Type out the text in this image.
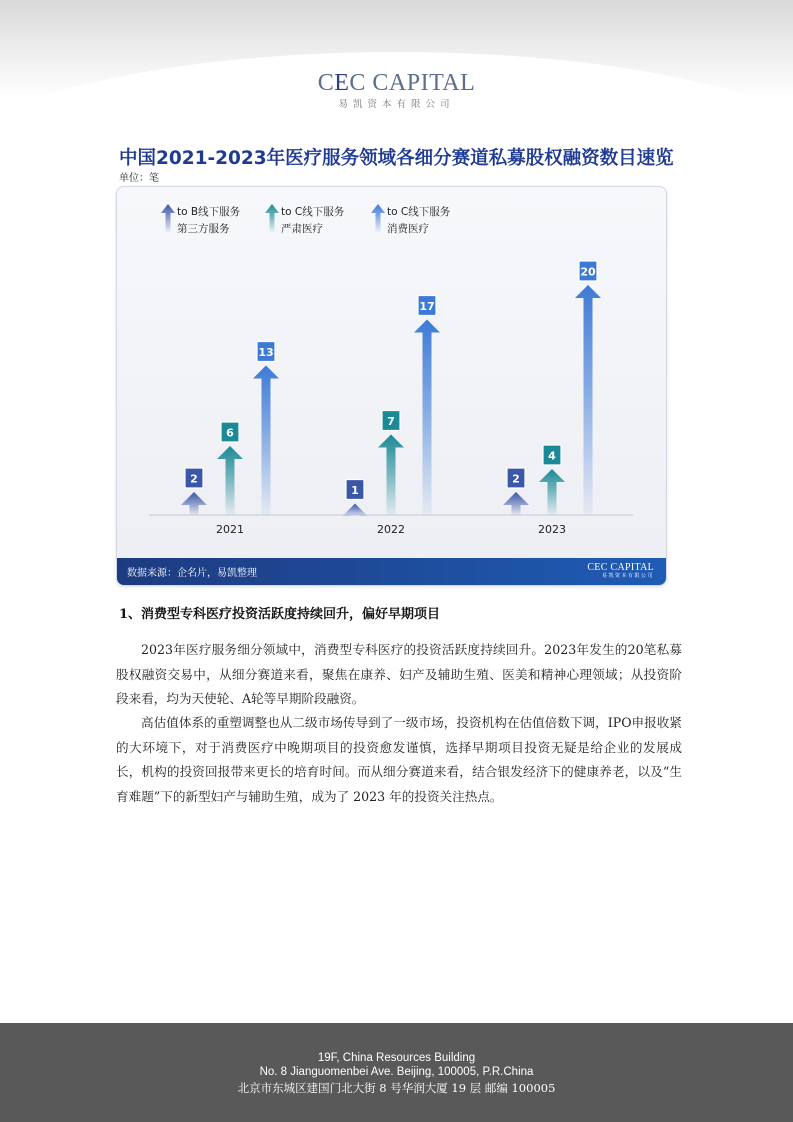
CEC CAPITAL
易凯资本有限公司
中国2021-2023年医疗服务领域各细分赛道私募股权融资数目速览
单位：笔
to B线下服务
第三方服务
to C线下服务
严肃医疗
to C线下服务
消费医疗
2
6
13
2021
1
7
17
2022
2
4
20
2023
数据来源：企名片，易凯整理
CEC CAPITAL
易凯资本有限公司
1、消费型专科医疗投资活跃度持续回升，偏好早期项目

2023年医疗服务细分领域中，消费型专科医疗的投资活跃度持续回升。2023年发生的20笔私募股权融资交易中，从细分赛道来看，聚焦在康养、妇产及辅助生殖、医美和精神心理领域；从投资阶段来看，均为天使轮、A轮等早期阶段融资。

高估值体系的重塑调整也从二级市场传导到了一级市场，投资机构在估值倍数下调，IPO申报收紧的大环境下，对于消费医疗中晚期项目的投资愈发谨慎，选择早期项目投资无疑是给企业的发展成长，机构的投资回报带来更长的培育时间。而从细分赛道来看，结合银发经济下的健康养老，以及“生育难题”下的新型妇产与辅助生殖，成为了 2023 年的投资关注热点。

19F, China Resources Building
No. 8 Jianguomenbei Ave. Beijing, 100005, P.R.China
北京市东城区建国门北大街 8 号华润大厦 19 层 邮编 100005
